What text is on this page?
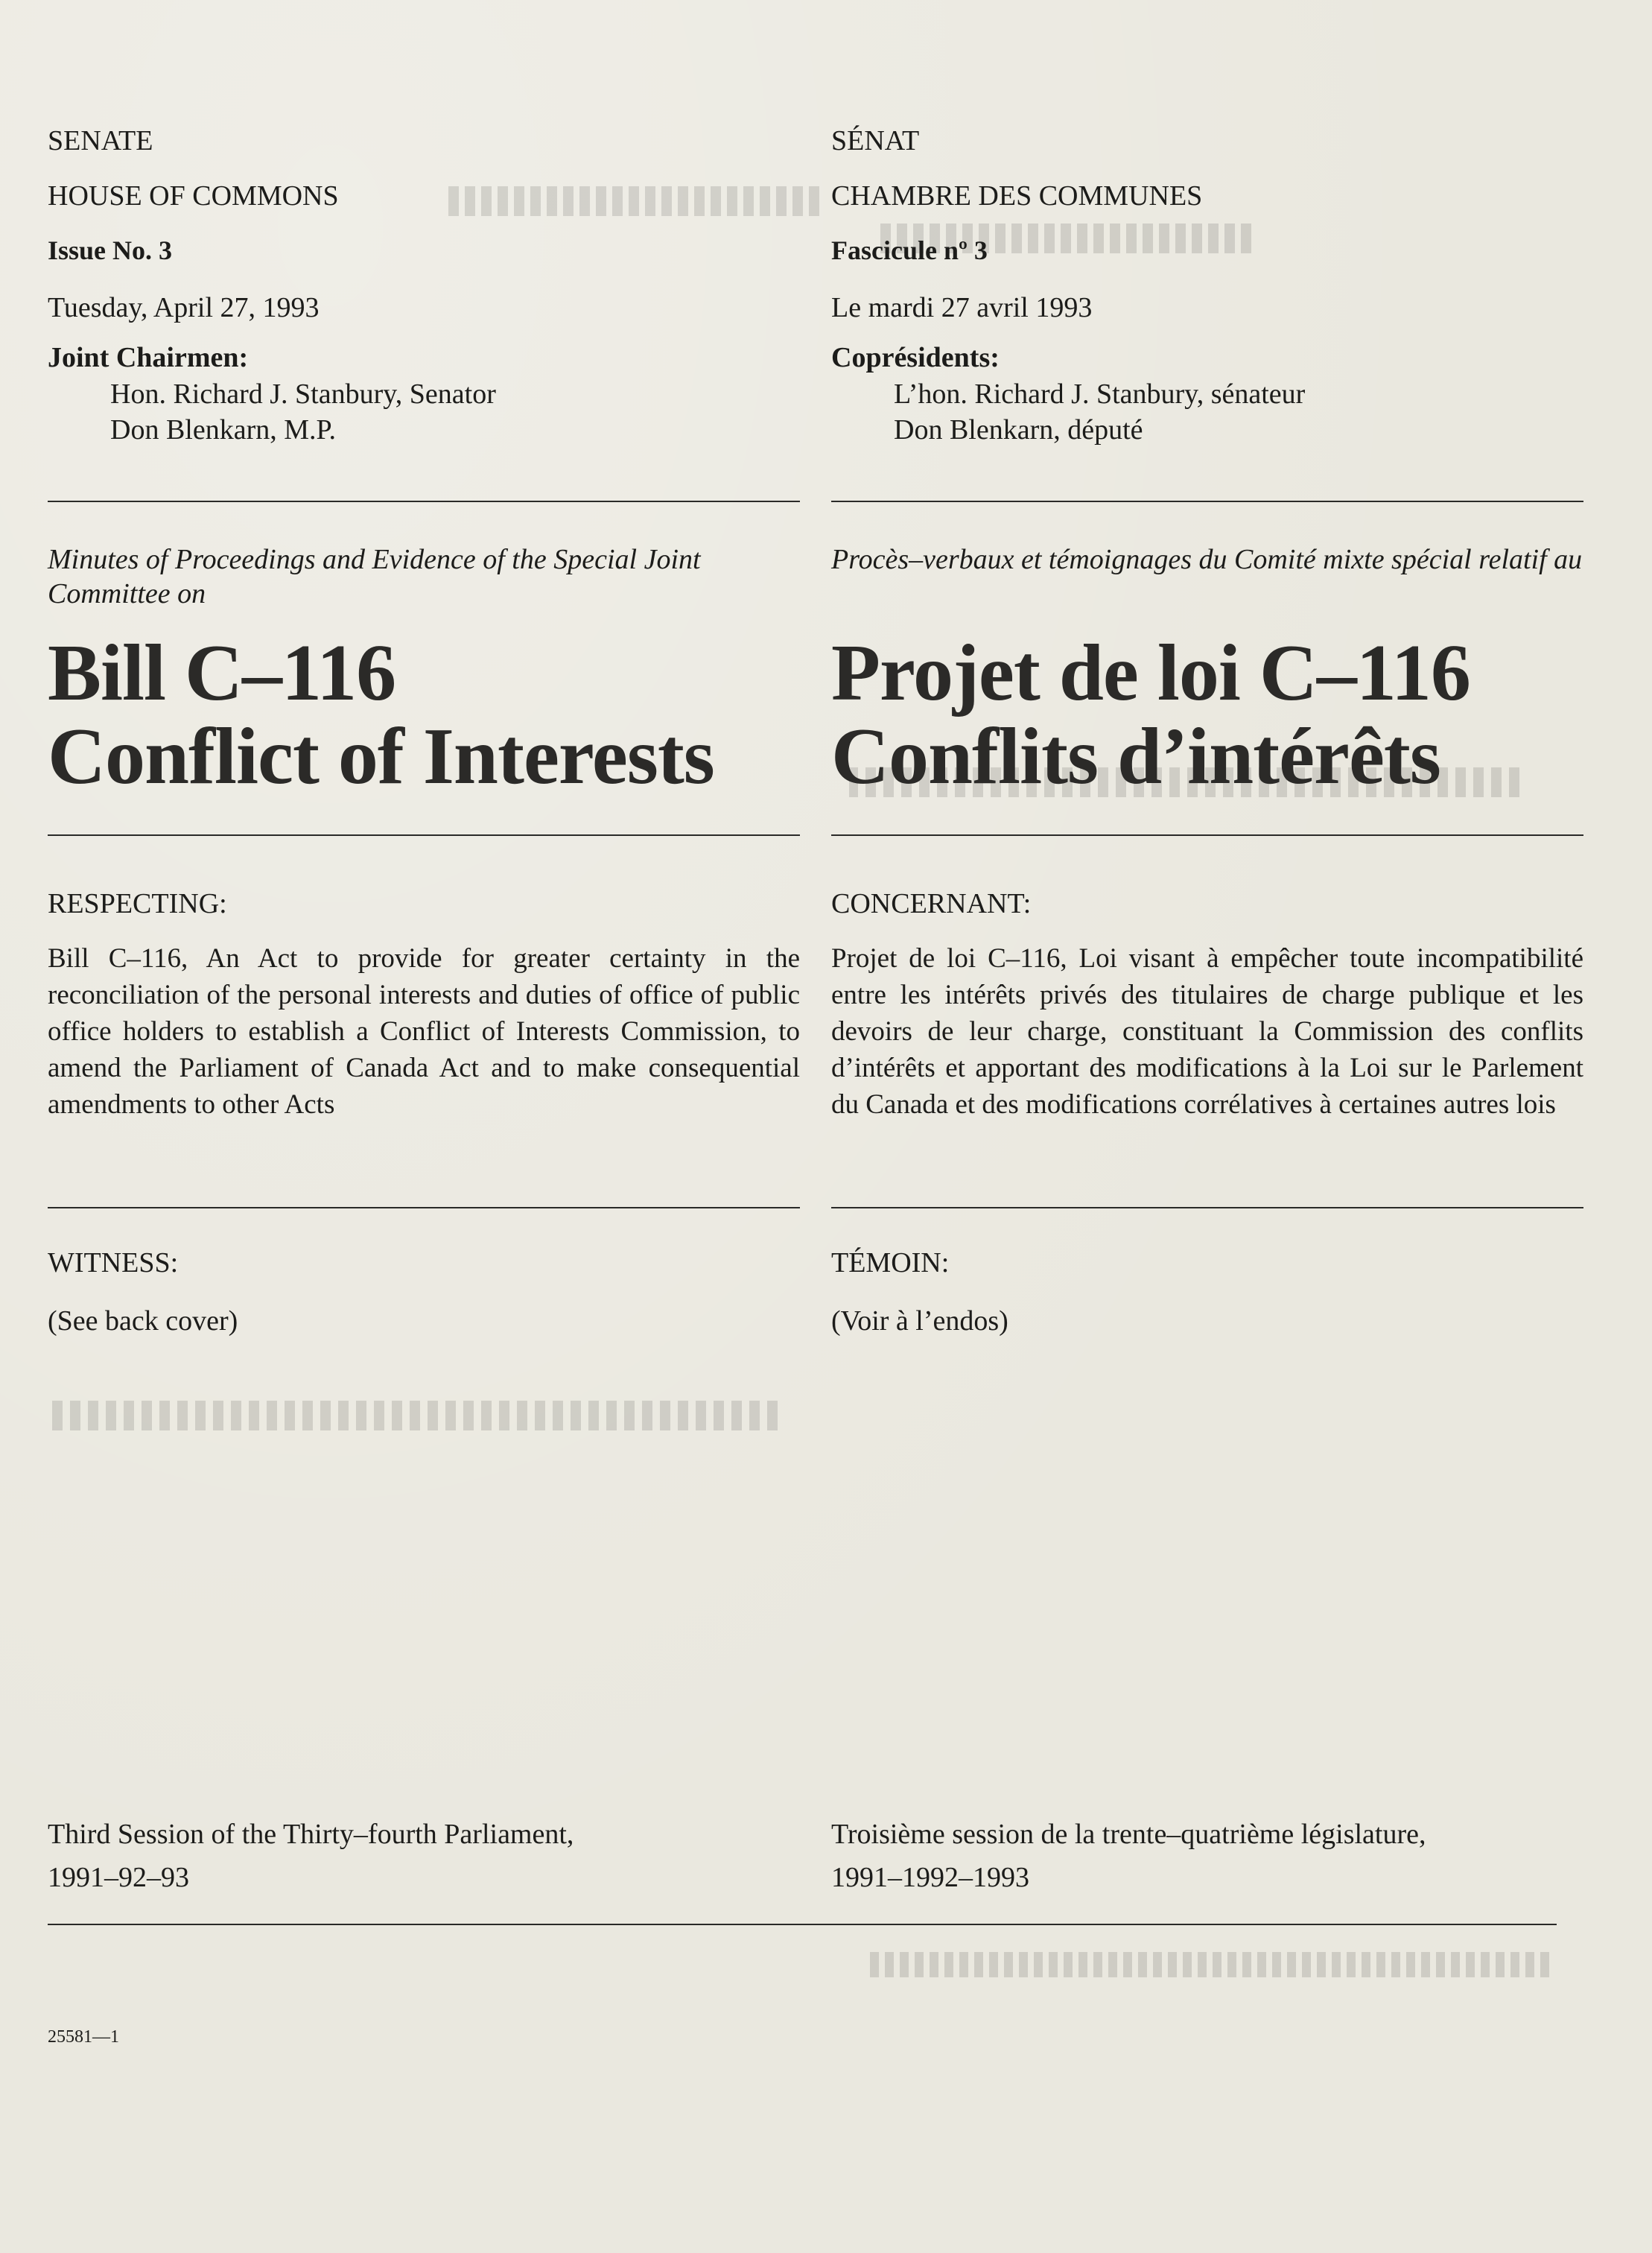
SENATE
HOUSE OF COMMONS
Issue No. 3
Tuesday, April 27, 1993
Joint Chairmen:
Hon. Richard J. Stanbury, Senator
Don Blenkarn, M.P.
Minutes of Proceedings and Evidence of the Special Joint Committee on
Bill C–116
Conflict of Interests
RESPECTING:
Bill C–116, An Act to provide for greater certainty in the reconciliation of the personal interests and duties of office of public office holders to establish a Conflict of Interests Commission, to amend the Parliament of Canada Act and to make consequential amendments to other Acts
WITNESS:
(See back cover)
Third Session of the Thirty–fourth Parliament,
1991–92–93
SÉNAT
CHAMBRE DES COMMUNES
Fascicule nº 3
Le mardi 27 avril 1993
Coprésidents:
L’hon. Richard J. Stanbury, sénateur
Don Blenkarn, député
Procès–verbaux et témoignages du Comité mixte spécial relatif au
Projet de loi C–116
Conflits d’intérêts
CONCERNANT:
Projet de loi C–116, Loi visant à empêcher toute incompatibilité entre les intérêts privés des titulaires de charge publique et les devoirs de leur charge, constituant la Commission des conflits d’intérêts et apportant des modifications à la Loi sur le Parlement du Canada et des modifications corrélatives à certaines autres lois
TÉMOIN:
(Voir à l’endos)
Troisième session de la trente–quatrième législature,
1991–1992–1993
25581—1
